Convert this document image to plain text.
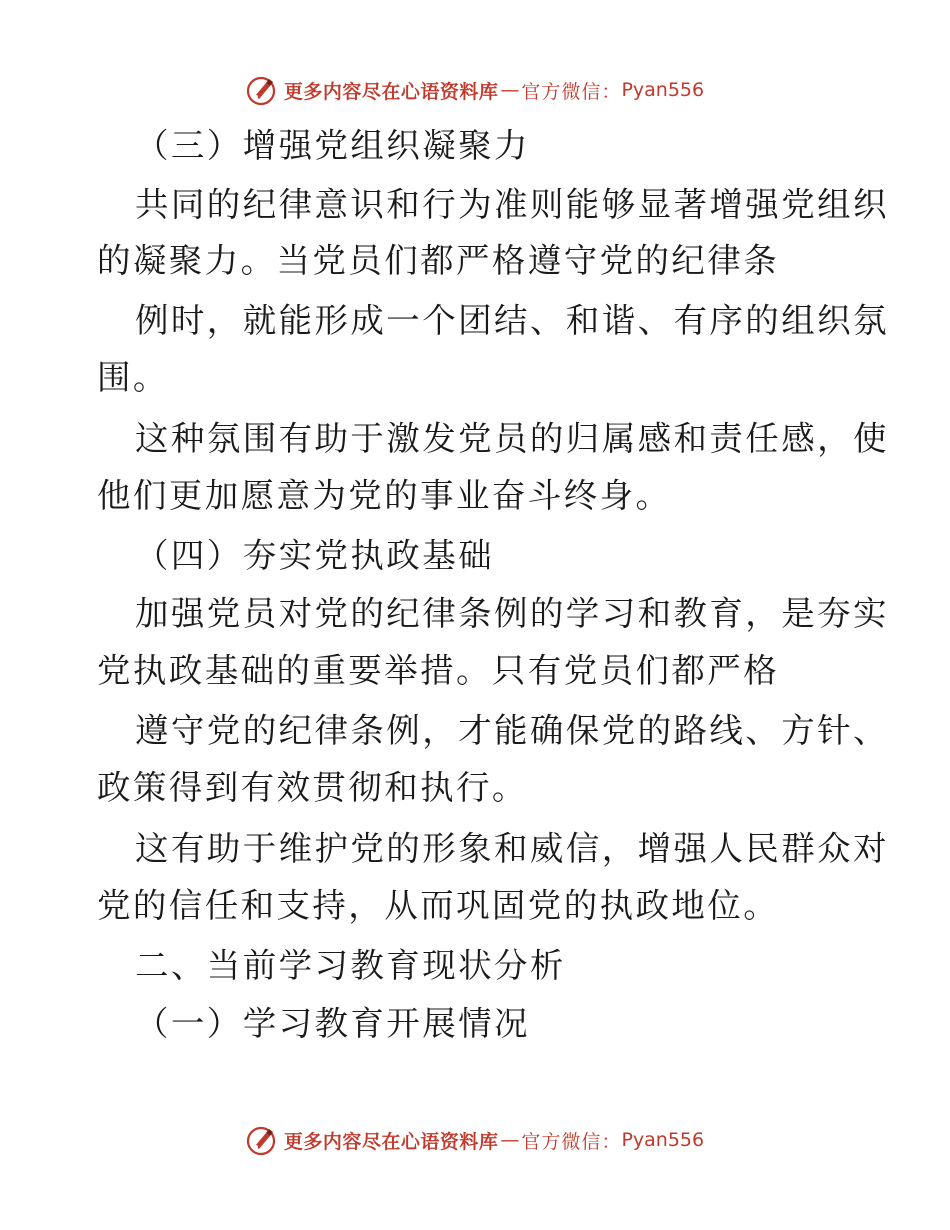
更多内容尽在心语资料库 — 官方微信： Pyan556
（三）增强党组织凝聚力
共同的纪律意识和行为准则能够显著增强党组织
的凝聚力。当党员们都严格遵守党的纪律条
例时，就能形成一个团结、和谐、有序的组织氛
围。
这种氛围有助于激发党员的归属感和责任感，使
他们更加愿意为党的事业奋斗终身。
（四）夯实党执政基础
加强党员对党的纪律条例的学习和教育，是夯实
党执政基础的重要举措。只有党员们都严格
遵守党的纪律条例，才能确保党的路线、方针、
政策得到有效贯彻和执行。
这有助于维护党的形象和威信，增强人民群众对
党的信任和支持，从而巩固党的执政地位。
二、当前学习教育现状分析
（一）学习教育开展情况
更多内容尽在心语资料库 — 官方微信： Pyan556
